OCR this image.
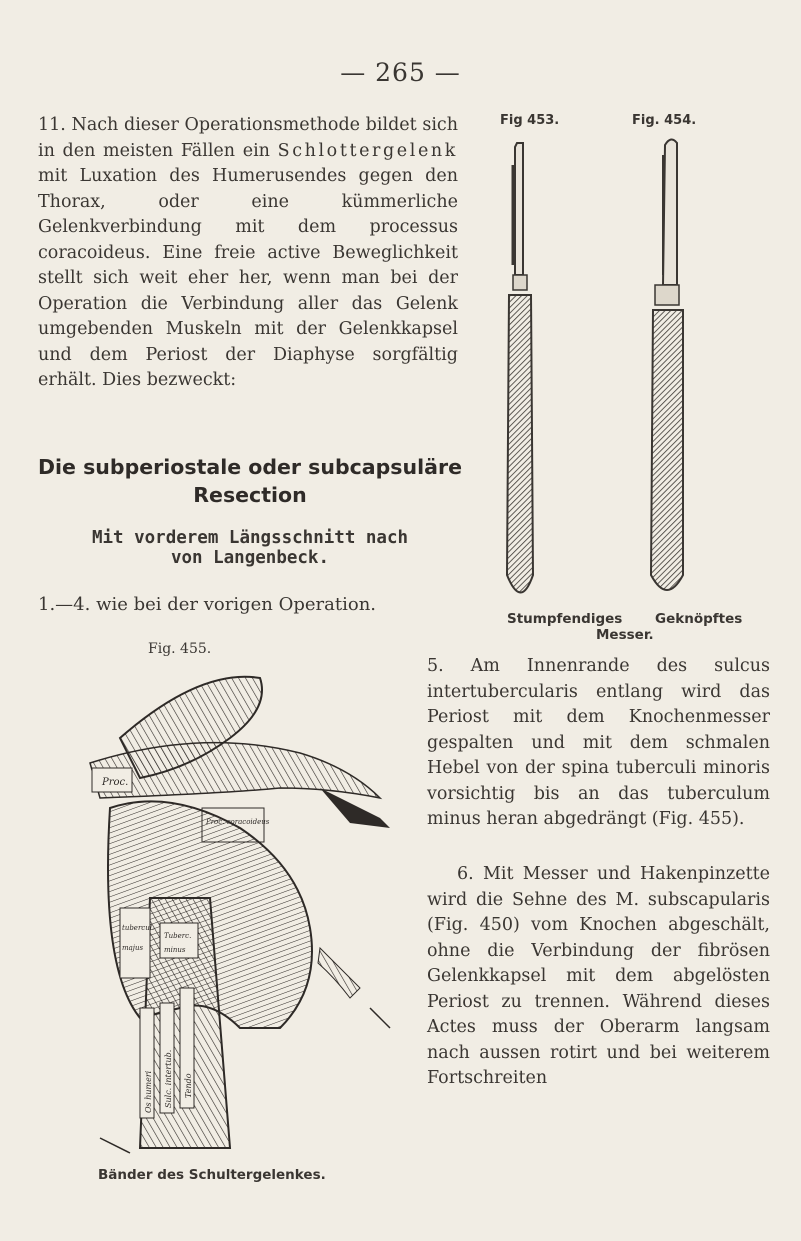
— 265 —
11. Nach dieser Operationsmethode bildet sich in den meisten Fällen ein Schlottergelenk mit Luxation des Humerusendes gegen den Thorax, oder eine kümmerliche Gelenkverbindung mit dem processus coracoideus. Eine freie active Beweglichkeit stellt sich weit eher her, wenn man bei der Operation die Verbindung aller das Gelenk umgebenden Muskeln mit der Gelenkkapsel und dem Periost der Diaphyse sorgfältig erhält. Dies bezweckt:
Die subperiostale oder subcapsuläre
Resection
Mit vorderem Längsschnitt nach
von Langenbeck.
1.—4. wie bei der vorigen Operation.
Fig 453.	Fig. 454.
Stumpfendiges Geknöpftes
Messer.
Fig. 455.
Proc.
Proc. coracoideus
tubercul.
majus
Tuberc.
minus
Os humeri Sulc. intertub. Tendo
Bänder des Schultergelenkes.
5. Am Innenrande des sulcus intertubercularis entlang wird das Periost mit dem Knochenmesser gespalten und mit dem schmalen Hebel von der spina tuberculi minoris vorsichtig bis an das tuberculum minus heran abgedrängt (Fig. 455).
6. Mit Messer und Hakenpinzette wird die Sehne des M. subscapularis (Fig. 450) vom Knochen abgeschält, ohne die Verbindung der fibrösen Gelenkkapsel mit dem abgelösten Periost zu trennen. Während dieses Actes muss der Oberarm langsam nach aussen rotirt und bei weiterem Fortschreiten
